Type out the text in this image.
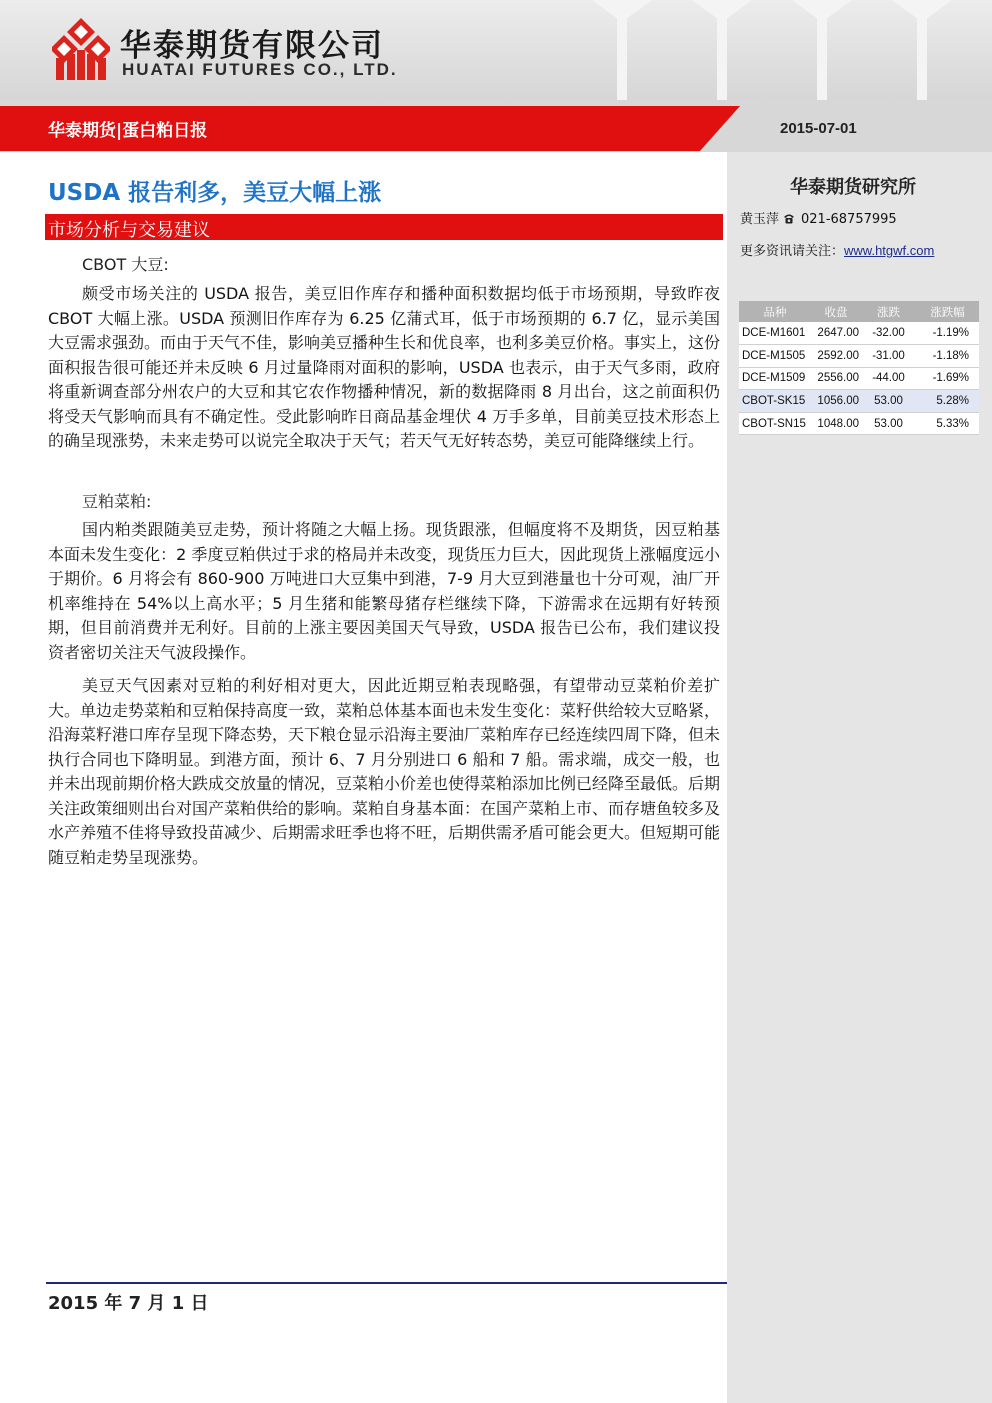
华泰期货有限公司
HUATAI FUTURES CO., LTD.
华泰期货|蛋白粕日报	2015-07-01
华泰期货研究所
黄玉萍 021-68757995
更多资讯请关注：www.htgwf.com
品种	收盘	涨跌	涨跌幅
DCE-M1601	2647.00	-32.00	-1.19%
DCE-M1505	2592.00	-31.00	-1.18%
DCE-M1509	2556.00	-44.00	-1.69%
CBOT-SK15	1056.00	53.00	5.28%
CBOT-SN15	1048.00	53.00	5.33%
USDA 报告利多，美豆大幅上涨
市场分析与交易建议
CBOT 大豆:
颇受市场关注的 USDA 报告，美豆旧作库存和播种面积数据均低于市场预期，导致昨夜 CBOT 大幅上涨。USDA 预测旧作库存为 6.25 亿蒲式耳，低于市场预期的 6.7 亿，显示美国大豆需求强劲。而由于天气不佳，影响美豆播种生长和优良率，也利多美豆价格。事实上，这份面积报告很可能还并未反映 6 月过量降雨对面积的影响，USDA 也表示，由于天气多雨，政府将重新调查部分州农户的大豆和其它农作物播种情况，新的数据降雨 8 月出台，这之前面积仍将受天气影响而具有不确定性。受此影响昨日商品基金埋伏 4 万手多单，目前美豆技术形态上的确呈现涨势，未来走势可以说完全取决于天气；若天气无好转态势，美豆可能降继续上行。
豆粕菜粕:
国内粕类跟随美豆走势，预计将随之大幅上扬。现货跟涨，但幅度将不及期货，因豆粕基本面未发生变化：2 季度豆粕供过于求的格局并未改变，现货压力巨大，因此现货上涨幅度远小于期价。6 月将会有 860-900 万吨进口大豆集中到港，7-9 月大豆到港量也十分可观，油厂开机率维持在 54%以上高水平；5 月生猪和能繁母猪存栏继续下降，下游需求在远期有好转预期，但目前消费并无利好。目前的上涨主要因美国天气导致，USDA 报告已公布，我们建议投资者密切关注天气波段操作。
美豆天气因素对豆粕的利好相对更大，因此近期豆粕表现略强，有望带动豆菜粕价差扩大。单边走势菜粕和豆粕保持高度一致，菜粕总体基本面也未发生变化：菜籽供给较大豆略紧，沿海菜籽港口库存呈现下降态势，天下粮仓显示沿海主要油厂菜粕库存已经连续四周下降，但未执行合同也下降明显。到港方面，预计 6、7 月分别进口 6 船和 7 船。需求端，成交一般，也并未出现前期价格大跌成交放量的情况，豆菜粕小价差也使得菜粕添加比例已经降至最低。后期关注政策细则出台对国产菜粕供给的影响。菜粕自身基本面：在国产菜粕上市、而存塘鱼较多及水产养殖不佳将导致投苗减少、后期需求旺季也将不旺，后期供需矛盾可能会更大。但短期可能随豆粕走势呈现涨势。
2015 年 7 月 1 日
